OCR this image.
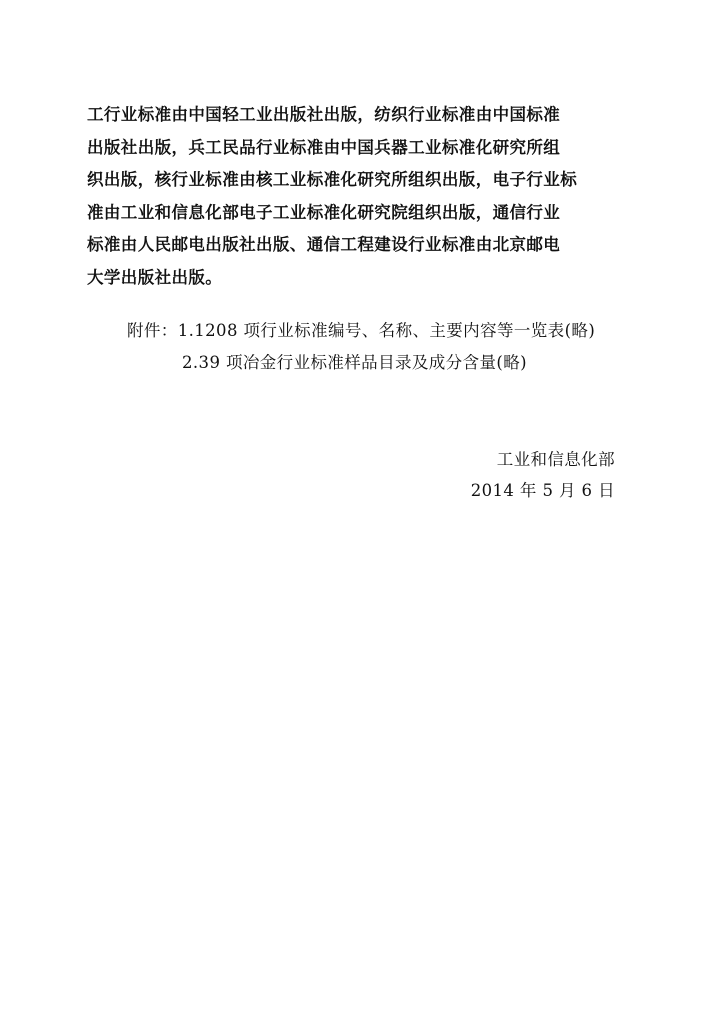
工行业标准由中国轻工业出版社出版，纺织行业标准由中国标准
出版社出版，兵工民品行业标准由中国兵器工业标准化研究所组
织出版，核行业标准由核工业标准化研究所组织出版，电子行业标
准由工业和信息化部电子工业标准化研究院组织出版，通信行业
标准由人民邮电出版社出版、通信工程建设行业标准由北京邮电
大学出版社出版。
附件：1.1208 项行业标准编号、名称、主要内容等一览表(略)
2.39 项冶金行业标准样品目录及成分含量(略)
工业和信息化部
2014 年 5 月 6 日
